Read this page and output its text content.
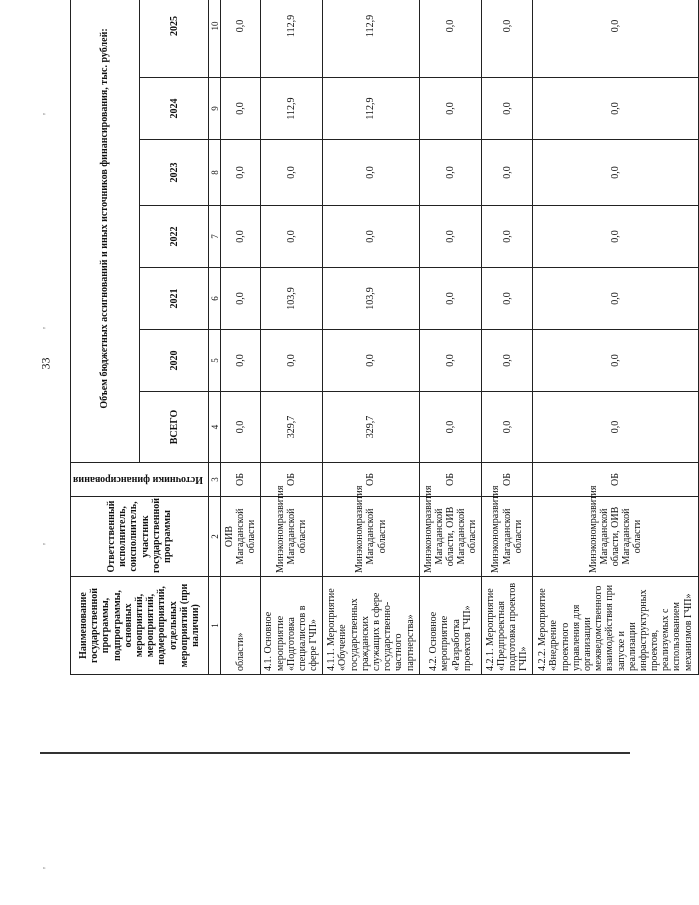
33
Наименование государственной программы, подпрограммы, основных мероприятий, мероприятий, подмероприятий, отдельных мероприятий (при наличии)	Ответственный исполнитель, соисполнитель, участник государственной программы	Источники финансирования	Объем бюджетных ассигнований и иных источников финансирования, тыс. рублей:						
			ВСЕГО	2020	2021	2022	2023	2024	2025
1	2	3	4	5	6	7	8	9	10
области»	ОИВ Магаданской области	ОБ	0,0	0,0	0,0	0,0	0,0	0,0	0,0
4.1. Основное мероприятие «Подготовка специалистов в сфере ГЧП»	Минэкономразвития Магаданской области	ОБ	329,7	0,0	103,9	0,0	0,0	112,9	112,9
4.1.1. Мероприятие «Обучение государственных гражданских служащих в сфере государственно-частного партнерства»	Минэкономразвития Магаданской области	ОБ	329,7	0,0	103,9	0,0	0,0	112,9	112,9
4.2. Основное мероприятие «Разработка проектов ГЧП»	Минэкономразвития Магаданской области, ОИВ Магаданской области	ОБ	0,0	0,0	0,0	0,0	0,0	0,0	0,0
4.2.1. Мероприятие «Предпроектная подготовка проектов ГЧП»	Минэкономразвития Магаданской области	ОБ	0,0	0,0	0,0	0,0	0,0	0,0	0,0
4.2.2. Мероприятие «Внедрение проектного управления для организации межведомственного взаимодействия при запуске и реализации инфраструктурных проектов, реализуемых с использованием механизмов ГЧП»	Минэкономразвития Магаданской области, ОИВ Магаданской области	ОБ	0,0	0,0	0,0	0,0	0,0	0,0	0,0
'
'
'
'
